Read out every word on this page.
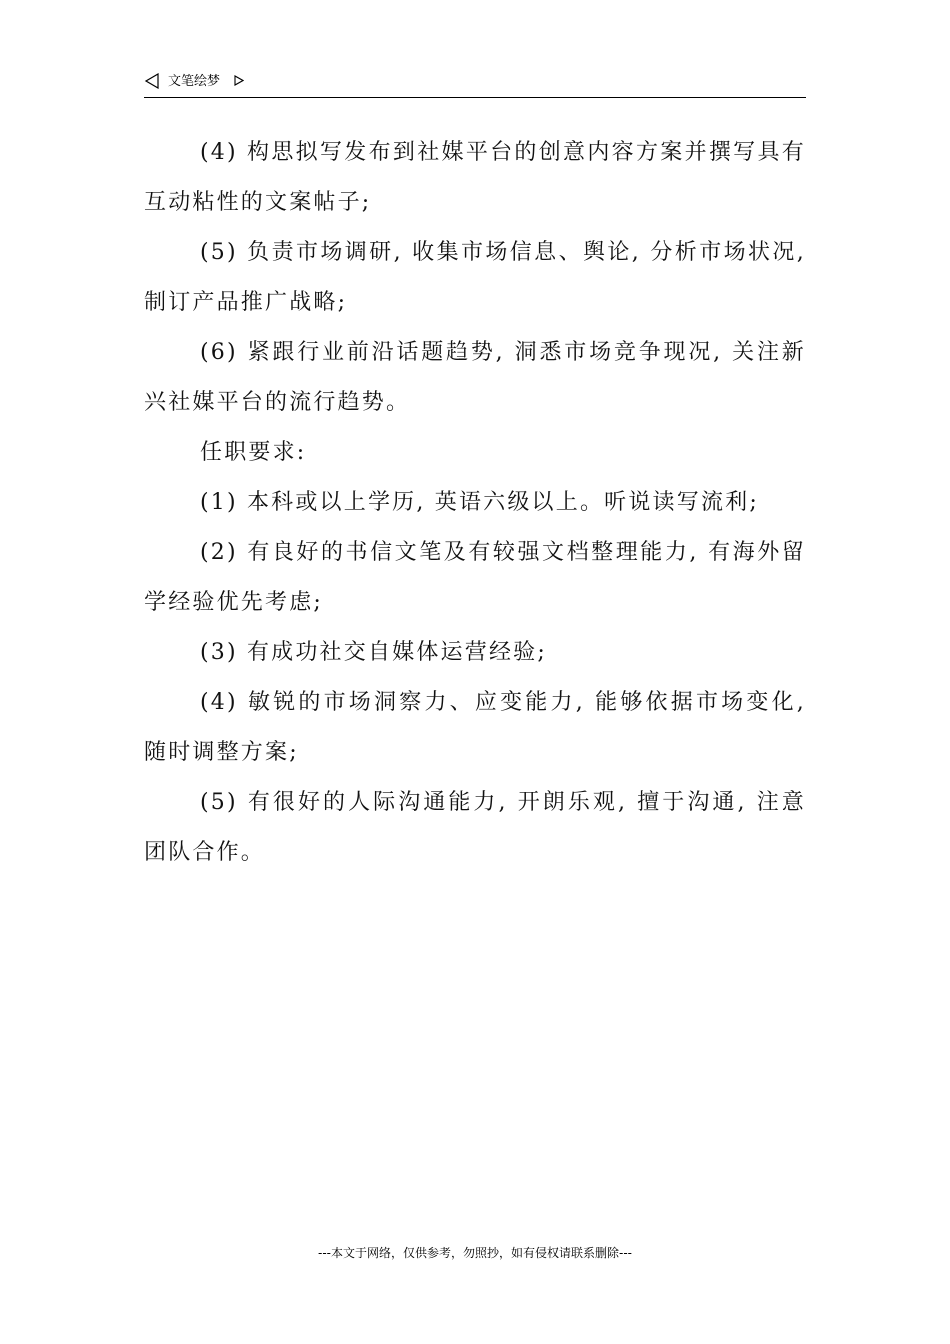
文笔绘梦

(4) 构思拟写发布到社媒平台的创意内容方案并撰写具有互动粘性的文案帖子;

(5) 负责市场调研, 收集市场信息、舆论, 分析市场状况, 制订产品推广战略;

(6) 紧跟行业前沿话题趋势, 洞悉市场竞争现况, 关注新兴社媒平台的流行趋势。

任职要求:

(1) 本科或以上学历, 英语六级以上。听说读写流利;

(2) 有良好的书信文笔及有较强文档整理能力, 有海外留学经验优先考虑;

(3) 有成功社交自媒体运营经验;

(4) 敏锐的市场洞察力、应变能力, 能够依据市场变化, 随时调整方案;

(5) 有很好的人际沟通能力, 开朗乐观, 擅于沟通, 注意团队合作。

---本文于网络，仅供参考，勿照抄，如有侵权请联系删除---
